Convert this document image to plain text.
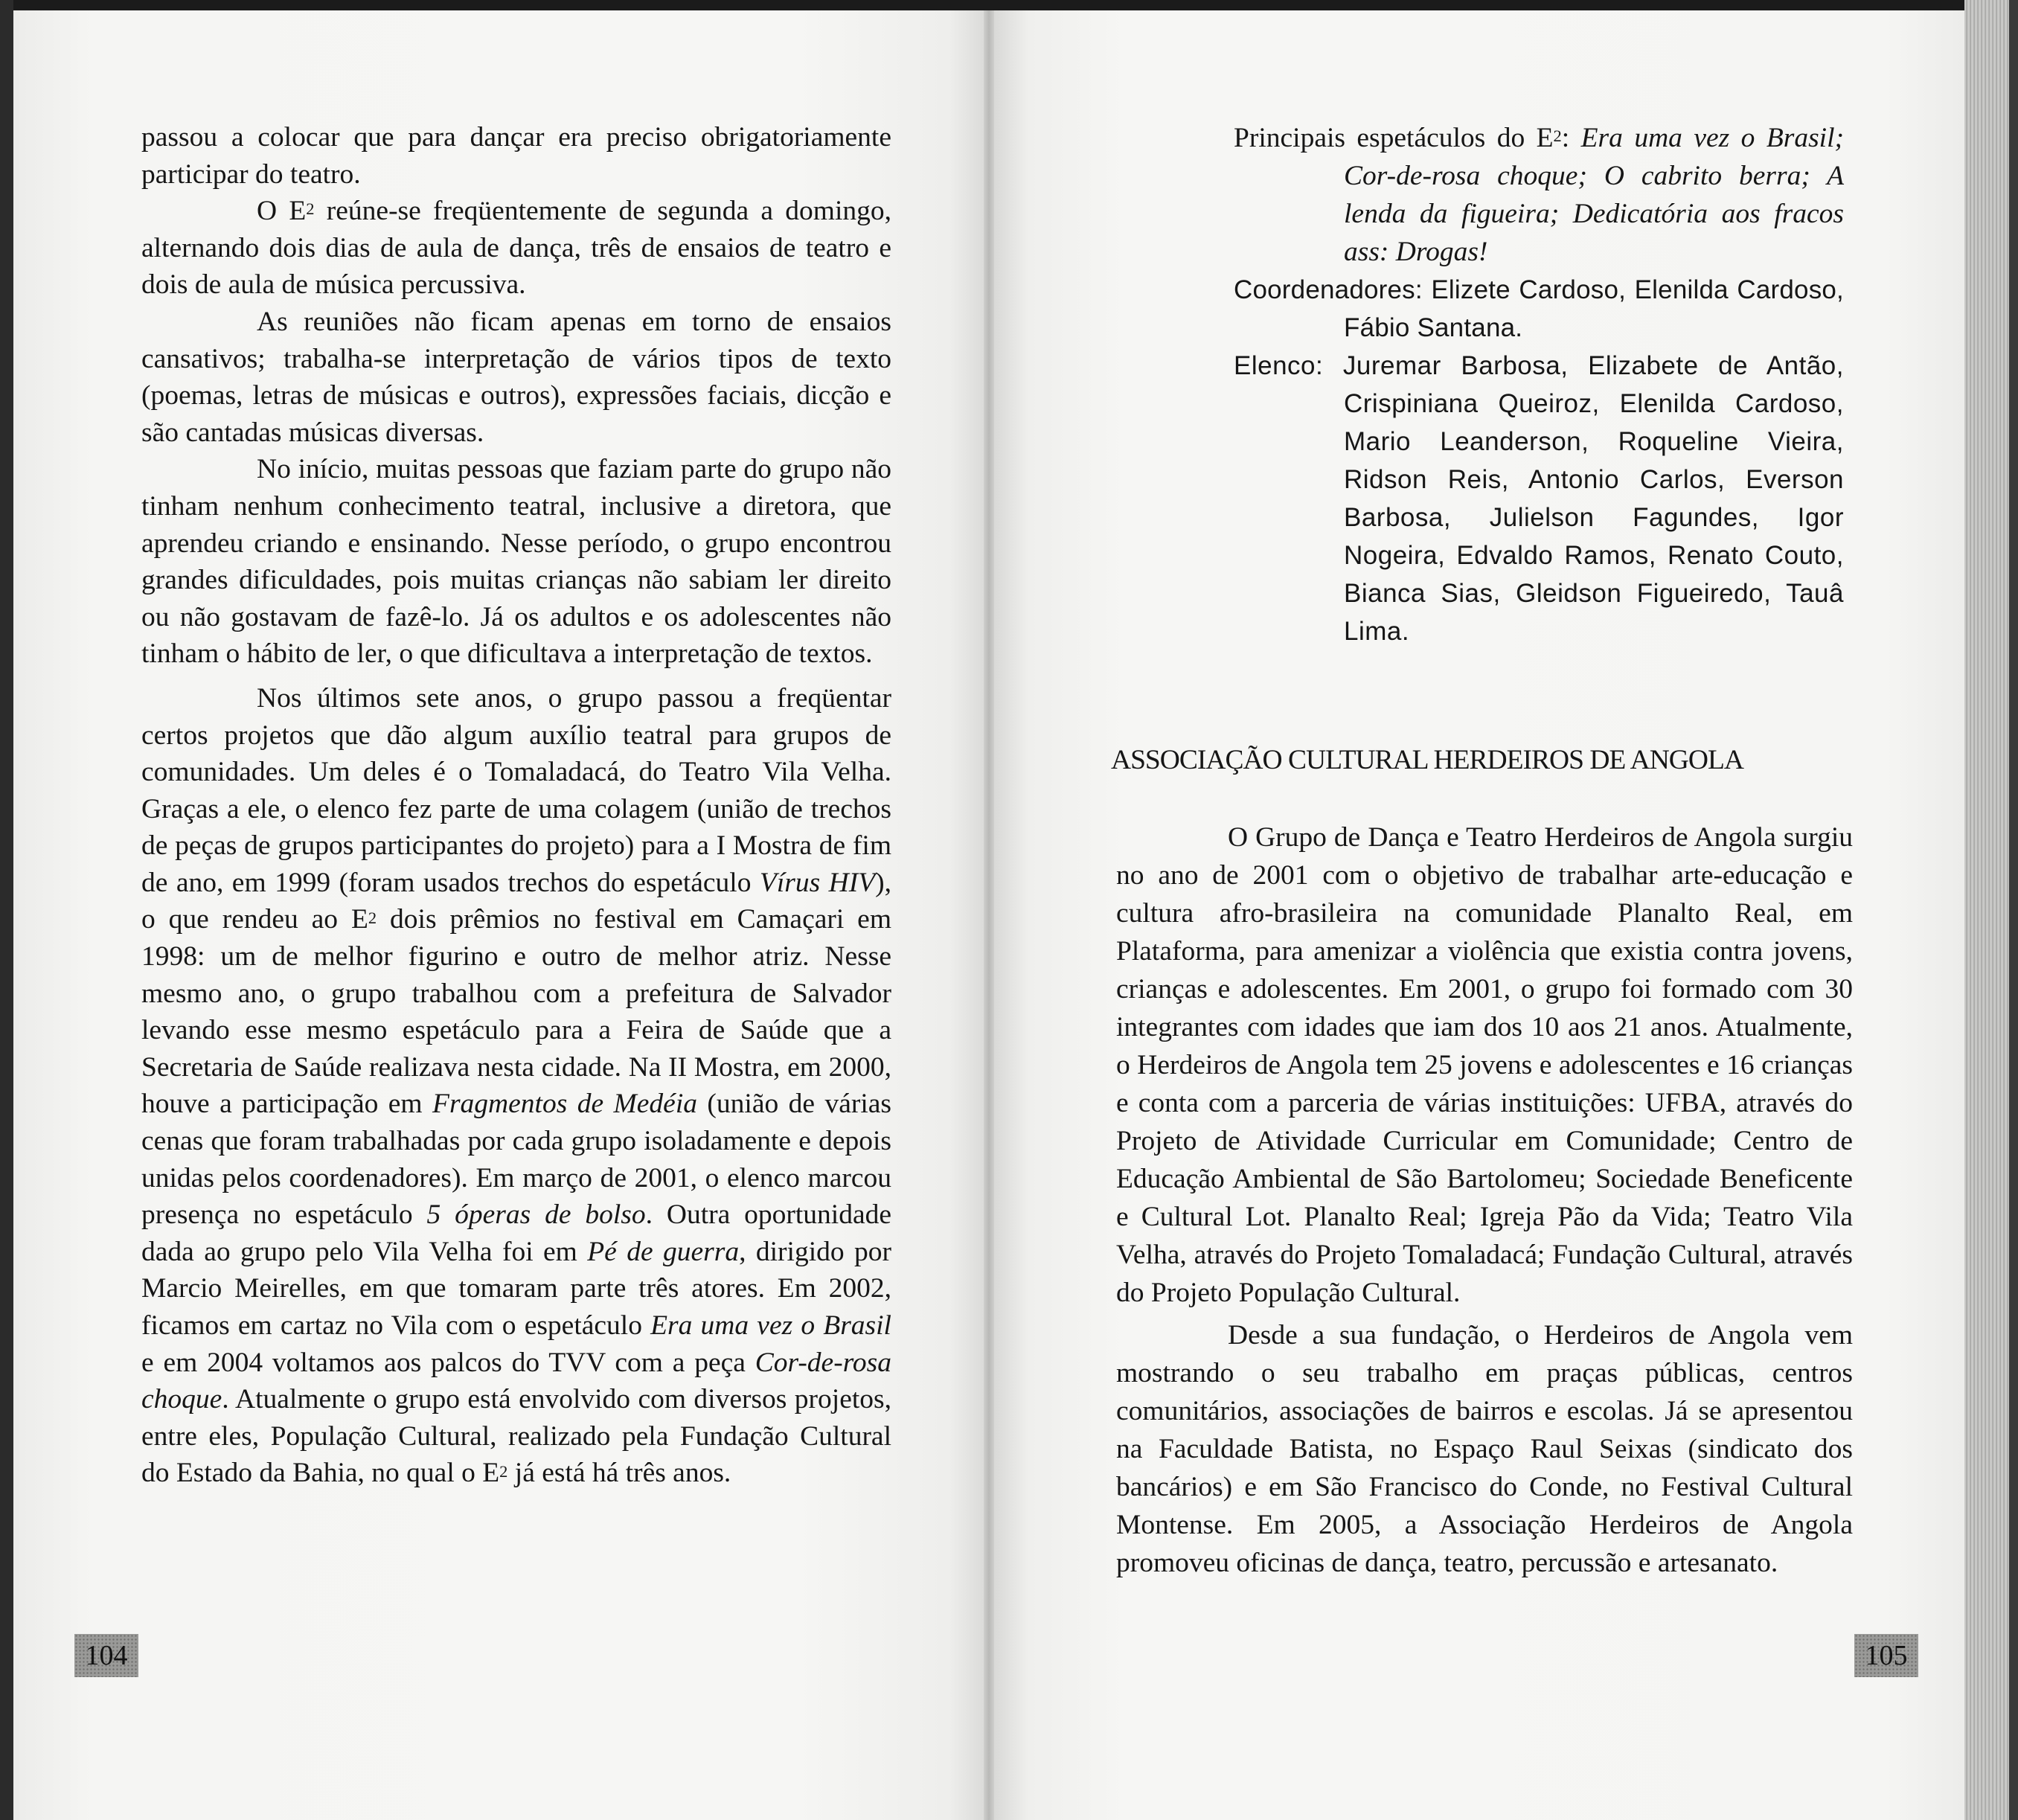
passou a colocar que para dançar era preciso obrigatoriamente participar do teatro.

O $E^2$ reúne-se freqüentemente de segunda a domingo, alternando dois dias de aula de dança, três de ensaios de teatro e dois de aula de música percussiva.

As reuniões não ficam apenas em torno de ensaios cansativos; trabalha-se interpretação de vários tipos de texto (poemas, letras de músicas e outros), expressões faciais, dicção e são cantadas músicas diversas.

No início, muitas pessoas que faziam parte do grupo não tinham nenhum conhecimento teatral, inclusive a diretora, que aprendeu criando e ensinando. Nesse período, o grupo encontrou grandes dificuldades, pois muitas crianças não sabiam ler direito ou não gostavam de fazê-lo. Já os adultos e os adolescentes não tinham o hábito de ler, o que dificultava a interpretação de textos.

Nos últimos sete anos, o grupo passou a freqüentar certos projetos que dão algum auxílio teatral para grupos de comunidades. Um deles é o Tomaladacá, do Teatro Vila Velha. Graças a ele, o elenco fez parte de uma colagem (união de trechos de peças de grupos participantes do projeto) para a I Mostra de fim de ano, em 1999 (foram usados trechos do espetáculo Vírus HIV), o que rendeu ao $E^2$ dois prêmios no festival em Camaçari em 1998: um de melhor figurino e outro de melhor atriz. Nesse mesmo ano, o grupo trabalhou com a prefeitura de Salvador levando esse mesmo espetáculo para a Feira de Saúde que a Secretaria de Saúde realizava nesta cidade. Na II Mostra, em 2000, houve a participação em Fragmentos de Medéia (união de várias cenas que foram trabalhadas por cada grupo isoladamente e depois unidas pelos coordenadores). Em março de 2001, o elenco marcou presença no espetáculo 5 óperas de bolso. Outra oportunidade dada ao grupo pelo Vila Velha foi em Pé de guerra, dirigido por Marcio Meirelles, em que tomaram parte três atores. Em 2002, ficamos em cartaz no Vila com o espetáculo Era uma vez o Brasil e em 2004 voltamos aos palcos do TVV com a peça Cor-de-rosa choque. Atualmente o grupo está envolvido com diversos projetos, entre eles, População Cultural, realizado pela Fundação Cultural do Estado da Bahia, no qual o $E^2$ já está há três anos.

104

Principais espetáculos do $E^2$: Era uma vez o Brasil; Cor-de-rosa choque; O cabrito berra; A lenda da figueira; Dedicatória aos fracos ass: Drogas!

Coordenadores: Elizete Cardoso, Elenilda Cardoso, Fábio Santana.

Elenco: Juremar Barbosa, Elizabete de Antão, Crispiniana Queiroz, Elenilda Cardoso, Mario Leanderson, Roqueline Vieira, Ridson Reis, Antonio Carlos, Everson Barbosa, Julielson Fagundes, Igor Nogeira, Edvaldo Ramos, Renato Couto, Bianca Sias, Gleidson Figueiredo, Tauâ Lima.

ASSOCIAÇÃO CULTURAL HERDEIROS DE ANGOLA

O Grupo de Dança e Teatro Herdeiros de Angola surgiu no ano de 2001 com o objetivo de trabalhar arte-educação e cultura afro-brasileira na comunidade Planalto Real, em Plataforma, para amenizar a violência que existia contra jovens, crianças e adolescentes. Em 2001, o grupo foi formado com 30 integrantes com idades que iam dos 10 aos 21 anos. Atualmente, o Herdeiros de Angola tem 25 jovens e adolescentes e 16 crianças e conta com a parceria de várias instituições: UFBA, através do Projeto de Atividade Curricular em Comunidade; Centro de Educação Ambiental de São Bartolomeu; Sociedade Beneficente e Cultural Lot. Planalto Real; Igreja Pão da Vida; Teatro Vila Velha, através do Projeto Tomaladacá; Fundação Cultural, através do Projeto População Cultural.

Desde a sua fundação, o Herdeiros de Angola vem mostrando o seu trabalho em praças públicas, centros comunitários, associações de bairros e escolas. Já se apresentou na Faculdade Batista, no Espaço Raul Seixas (sindicato dos bancários) e em São Francisco do Conde, no Festival Cultural Montense. Em 2005, a Associação Herdeiros de Angola promoveu oficinas de dança, teatro, percussão e artesanato.

105
